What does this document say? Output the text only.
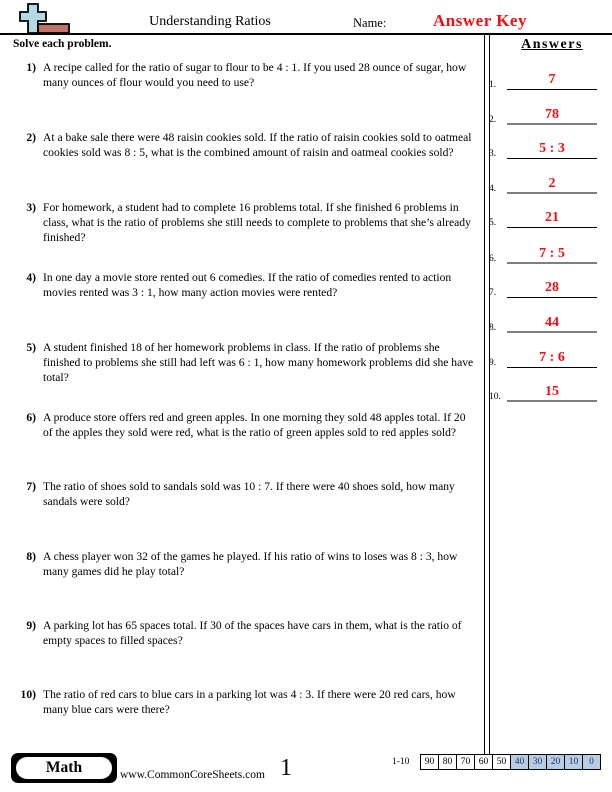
Understanding Ratios	Name:	Answer Key
Solve each problem.	Answers
1.	7
2.	78
3.	5 : 3
4.	2
5.	21
6.	7 : 5
7.	28
8.	44
9.	7 : 6
10.	15
1) A recipe called for the ratio of sugar to flour to be 4 : 1. If you used 28 ounce of sugar, how many ounces of flour would you need to use?
2) At a bake sale there were 48 raisin cookies sold. If the ratio of raisin cookies sold to oatmeal cookies sold was 8 : 5, what is the combined amount of raisin and oatmeal cookies sold?
3) For homework, a student had to complete 16 problems total. If she finished 6 problems in class, what is the ratio of problems she still needs to complete to problems that she’s already finished?
4) In one day a movie store rented out 6 comedies. If the ratio of comedies rented to action movies rented was 3 : 1, how many action movies were rented?
5) A student finished 18 of her homework problems in class. If the ratio of problems she finished to problems she still had left was 6 : 1, how many homework problems did she have total?
6) A produce store offers red and green apples. In one morning they sold 48 apples total. If 20 of the apples they sold were red, what is the ratio of green apples sold to red apples sold?
7) The ratio of shoes sold to sandals sold was 10 : 7. If there were 40 shoes sold, how many sandals were sold?
8) A chess player won 32 of the games he played. If his ratio of wins to loses was 8 : 3, how many games did he play total?
9) A parking lot has 65 spaces total. If 30 of the spaces have cars in them, what is the ratio of empty spaces to filled spaces?
10) The ratio of red cars to blue cars in a parking lot was 4 : 3. If there were 20 red cars, how many blue cars were there?
Math	www.CommonCoreSheets.com 1	1-10	90 80 70 60 50 40 30 20 10	0
